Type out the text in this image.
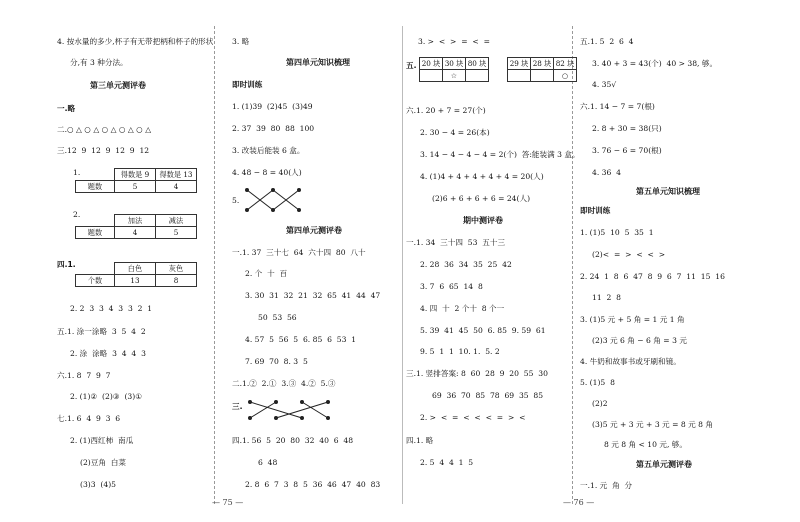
4. 按水量的多少,杯子有无带把柄和杯子的形状
分,有 3 种分法。
第三单元测评卷
一.略
二.○ △ ○ △ ○ △ ○ △ ○ △
三.12  9  12  9  12  9  12
1.
		得数是 9	得数是 13
题数	5	4
2.
	加法	减法
题数	4	5
四.1.
		白色	灰色
个数	13	8
2. 2  3  3  4  3  3  2  1
五.1. 涂一涂略  3  5  4  2
2. 涂  涂略  3  4  4  3
六.1. 8  7  9  7
2. (1)②  (2)③  (3)①
七.1. 6  4  9  3  6
2. (1)西红柿  南瓜
(2)豆角  白菜
(3)3  (4)5
— 75 —
3. 略
第四单元知识梳理
即时训练
1. (1)39  (2)45  (3)49
2. 37  39  80  88  100
3. 改装后能装 6 盒。
4. 48 − 8 = 40(人)
5.
第四单元测评卷
一.1. 37  三十七  64  六十四  80  八十
2. 个  十  百
3. 30  31  32  21  32  65  41  44  47
50  53  56
4. 57  5  56  5  6. 85  6  53  1
7. 69  70  8. 3  5
二.1.②  2.①  3.③  4.②  5.③
三.
四.1. 56  5  20  80  32  40  6  48
6  48
2. 8  6  7  3  8  5  36  46  47  40  83
3. >  <  >  =  <  =
五. 20 块	30 块	80 块		29 块	28 块	82 块
	☆					○
六.1. 20 + 7 = 27(个)
2. 30 − 4 = 26(本)
3. 14 − 4 − 4 − 4 = 2(个)  答:能装满 3 盒。
4. (1)4 + 4 + 4 + 4 + 4 = 20(人)
(2)6 + 6 + 6 + 6 = 24(人)
期中测评卷
一.1. 34  三十四  53  五十三
2. 28  36  34  35  25  42
3. 7  6  65  14  8
4. 四  十  2 个十  8 个一
5. 39  41  45  50  6. 85  9. 59  61
9. 5  1  1  10. 1.  5. 2
三.1. 竖排答案: 8  60  28  9  20  55  30
69  36  70  85  78  69  35  85
2. >  <  =  <  <  <  =  >  <
四.1. 略
2. 5  4  4  1  5
— 76 —
五.1. 5  2  6  4
3. 40 + 3 = 43(个)  40 > 38, 够。
4. 35√
六.1. 14 − 7 = 7(根)
2. 8 + 30 = 38(只)
3. 76 − 6 = 70(根)
4. 36  4
第五单元知识梳理
即时训练
1. (1)5  10  5  35  1
(2)<  =  >  <  <  >
2. 24  1  8  6  47  8  9  6  7  11  15  16
11  2  8
3. (1)5 元 + 5 角 = 1 元 1 角
(2)3 元 6 角 − 6 角 = 3 元
4. 牛奶和故事书或牙刷和镜。
5. (1)5  8
(2)2
(3)5 元 + 3 元 + 3 元 = 8 元 8 角
8 元 8 角 < 10 元, 够。
第五单元测评卷
一.1. 元  角  分
